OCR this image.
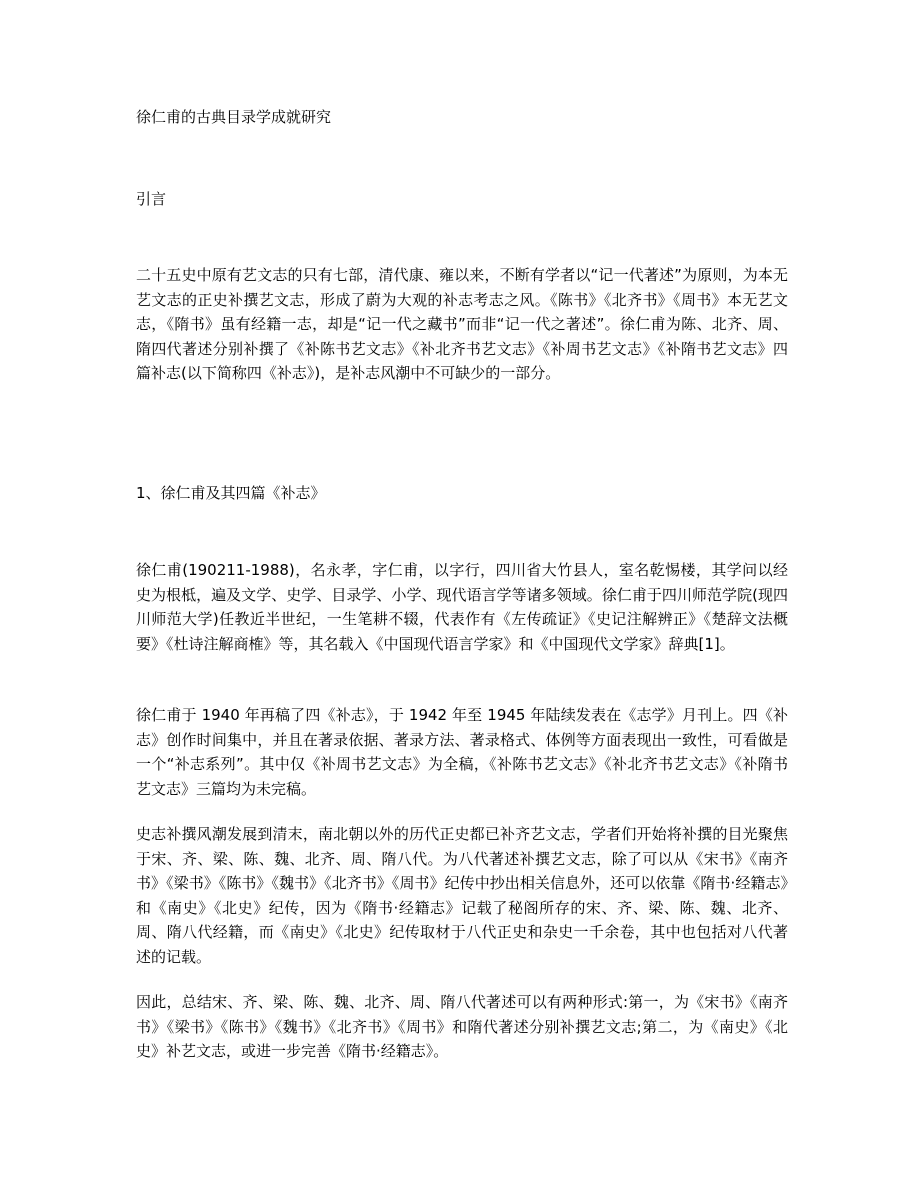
徐仁甫的古典目录学成就研究
引言

二十五史中原有艺文志的只有七部，清代康、雍以来，不断有学者以“记一代著述”为原则，为本无艺文志的正史补撰艺文志，形成了蔚为大观的补志考志之风。《陈书》《北齐书》《周书》本无艺文志，《隋书》虽有经籍一志，却是“记一代之藏书”而非“记一代之著述”。徐仁甫为陈、北齐、周、隋四代著述分别补撰了《补陈书艺文志》《补北齐书艺文志》《补周书艺文志》《补隋书艺文志》四篇补志(以下简称四《补志》)，是补志风潮中不可缺少的一部分。

1、徐仁甫及其四篇《补志》

徐仁甫(190211-1988)，名永孝，字仁甫，以字行，四川省大竹县人，室名乾惕楼，其学问以经史为根柢，遍及文学、史学、目录学、小学、现代语言学等诸多领域。徐仁甫于四川师范学院(现四川师范大学)任教近半世纪，一生笔耕不辍，代表作有《左传疏证》《史记注解辨正》《楚辞文法概要》《杜诗注解商榷》等，其名载入《中国现代语言学家》和《中国现代文学家》辞典[1]。

徐仁甫于 1940 年再稿了四《补志》，于 1942 年至 1945 年陆续发表在《志学》月刊上。四《补志》创作时间集中，并且在著录依据、著录方法、著录格式、体例等方面表现出一致性，可看做是一个“补志系列”。其中仅《补周书艺文志》为全稿，《补陈书艺文志》《补北齐书艺文志》《补隋书艺文志》三篇均为未完稿。

史志补撰风潮发展到清末，南北朝以外的历代正史都已补齐艺文志，学者们开始将补撰的目光聚焦于宋、齐、梁、陈、魏、北齐、周、隋八代。为八代著述补撰艺文志，除了可以从《宋书》《南齐书》《梁书》《陈书》《魏书》《北齐书》《周书》纪传中抄出相关信息外，还可以依靠《隋书·经籍志》和《南史》《北史》纪传，因为《隋书·经籍志》记载了秘阁所存的宋、齐、梁、陈、魏、北齐、周、隋八代经籍，而《南史》《北史》纪传取材于八代正史和杂史一千余卷，其中也包括对八代著述的记载。

因此，总结宋、齐、梁、陈、魏、北齐、周、隋八代著述可以有两种形式:第一，为《宋书》《南齐书》《梁书》《陈书》《魏书》《北齐书》《周书》和隋代著述分别补撰艺文志;第二，为《南史》《北史》补艺文志，或进一步完善《隋书·经籍志》。
